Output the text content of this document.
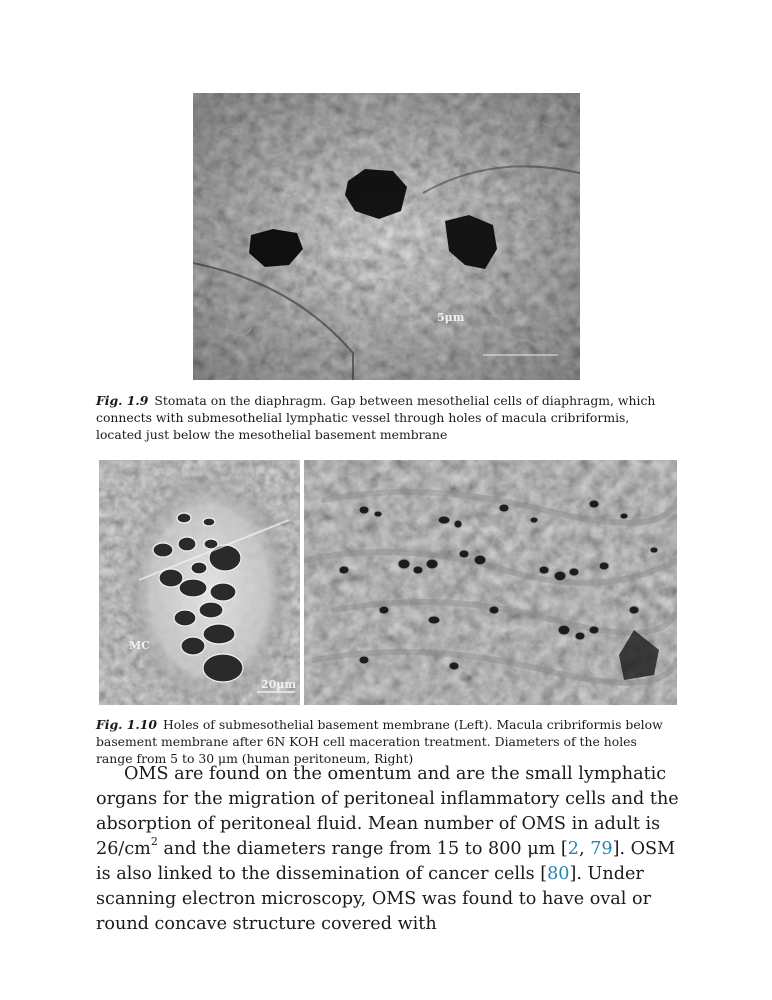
5μm
Fig. 1.9 Stomata on the diaphragm. Gap between mesothelial cells of diaphragm, which connects with submesothelial lymphatic vessel through holes of macula cribriformis, located just below the mesothelial basement membrane
MC
20μm
Fig. 1.10 Holes of submesothelial basement membrane (Left). Macula cribriformis below basement membrane after 6N KOH cell maceration treatment. Diameters of the holes range from 5 to 30 μm (human peritoneum, Right)
OMS are found on the omentum and are the small lymphatic organs for the migration of peritoneal inflammatory cells and the absorption of peritoneal fluid. Mean number of OMS in adult is $26/cm^2$ and the diameters range from 15 to 800 μm [2, 79]. OSM is also linked to the dissemination of cancer cells [80]. Under scanning electron microscopy, OMS was found to have oval or round concave structure covered with
